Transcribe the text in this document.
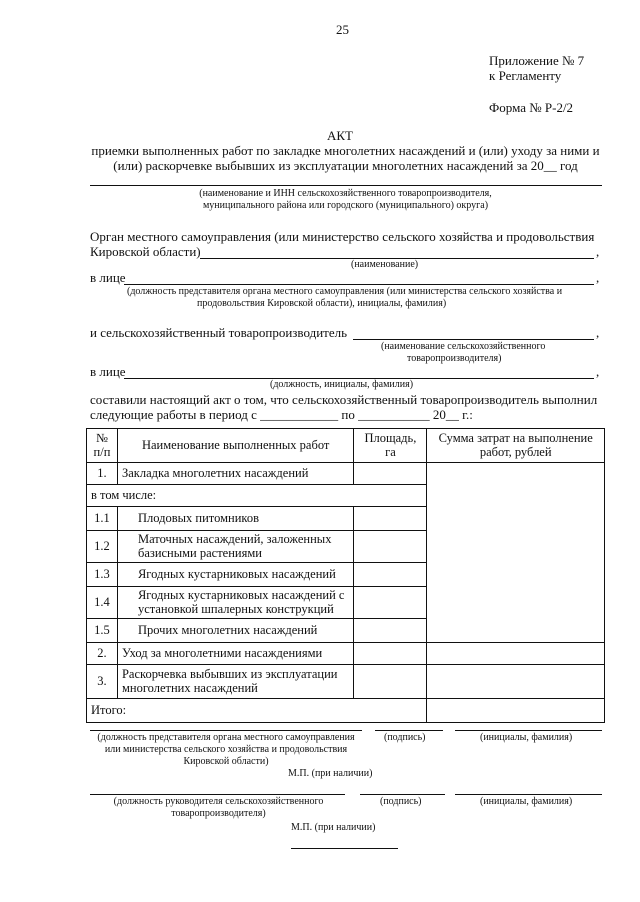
25
Приложение № 7
к Регламенту
Форма № Р-2/2
АКТ
приемки выполненных работ по закладке многолетних насаждений и (или) уходу за ними и
(или) раскорчевке выбывших из эксплуатации многолетних насаждений за 20__ год
(наименование и ИНН сельскохозяйственного товаропроизводителя,
муниципального района или городского (муниципального) округа)
Орган местного самоуправления (или министерство сельского хозяйства и продовольствия
Кировской области)	,
(наименование)
в лице	,
(должность представителя органа местного самоуправления (или министерства сельского хозяйства и
продовольствия Кировской области), инициалы, фамилия)
и сельскохозяйственный товаропроизводитель	,
(наименование сельскохозяйственного
товаропроизводителя)
в лице	,
(должность, инициалы, фамилия)
составили настоящий акт о том, что сельскохозяйственный товаропроизводитель выполнил
следующие работы в период с ____________ по ___________ 20__ г.:
№ п/п	Наименование выполненных работ	Площадь, га	Сумма затрат на выполнение работ, рублей
1.	Закладка многолетних насаждений		
в том числе:			
1.1	Плодовых питомников		
1.2	Маточных насаждений, заложенных базисными растениями		
1.3	Ягодных кустарниковых насаждений		
1.4	Ягодных кустарниковых насаждений с установкой шпалерных конструкций		
1.5	Прочих многолетних насаждений		
2.	Уход за многолетними насаждениями		
3.	Раскорчевка выбывших из эксплуатации многолетних насаждений		
Итого:			
(должность представителя органа местного самоуправления
или министерства сельского хозяйства и продовольствия
Кировской области)
(подпись)	(инициалы, фамилия)
М.П. (при наличии)
(должность руководителя сельскохозяйственного
товаропроизводителя)
(подпись)	(инициалы, фамилия)
М.П. (при наличии)
